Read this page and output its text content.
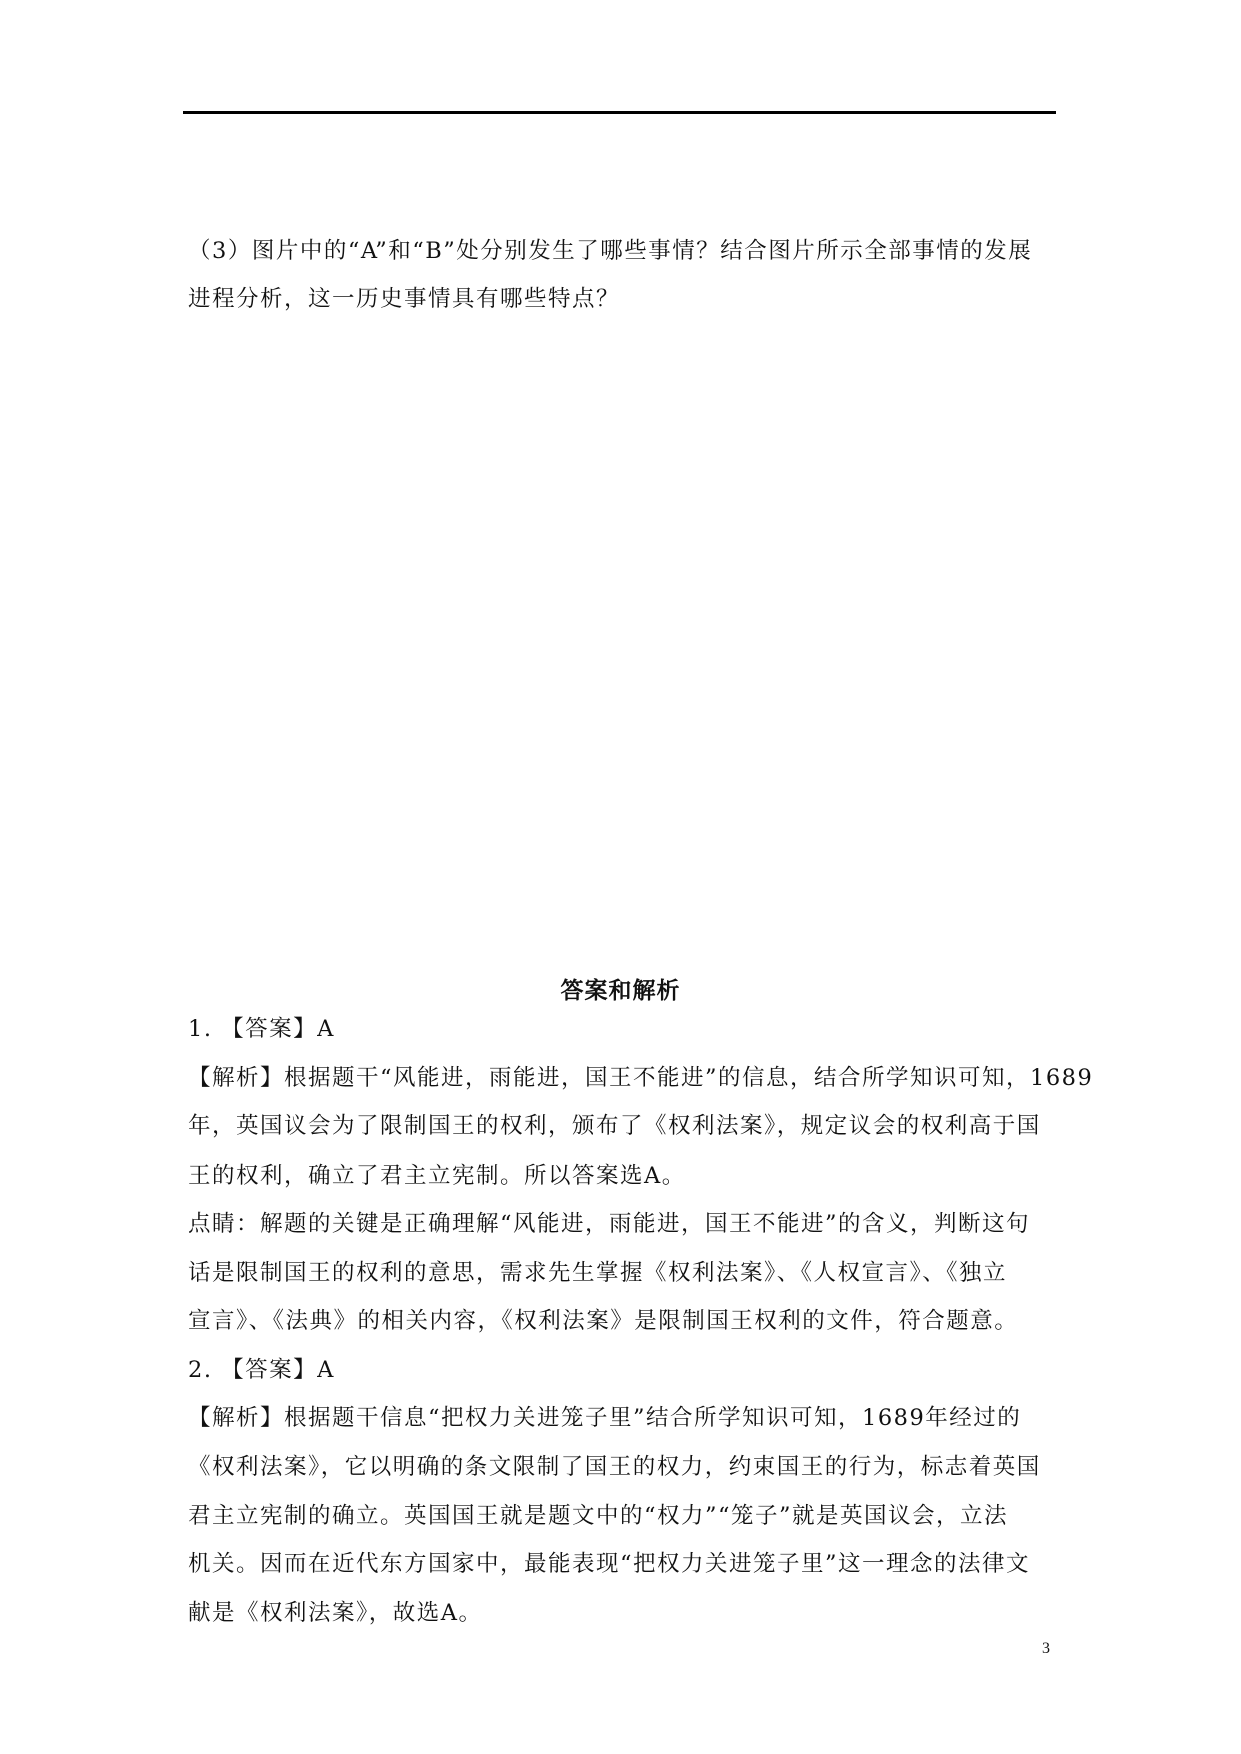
（3）图片中的“A”和“B”处分别发生了哪些事情？结合图片所示全部事情的发展
进程分析，这一历史事情具有哪些特点？
答案和解析
1. 【答案】A
【解析】根据题干“风能进，雨能进，国王不能进”的信息，结合所学知识可知，1689
年，英国议会为了限制国王的权利，颁布了《权利法案》，规定议会的权利高于国
王的权利，确立了君主立宪制。所以答案选A。
点睛：解题的关键是正确理解“风能进，雨能进，国王不能进”的含义，判断这句
话是限制国王的权利的意思，需求先生掌握《权利法案》、《人权宣言》、《独立
宣言》、《法典》的相关内容，《权利法案》是限制国王权利的文件，符合题意。
2. 【答案】A
【解析】根据题干信息“把权力关进笼子里”结合所学知识可知，1689年经过的
《权利法案》，它以明确的条文限制了国王的权力，约束国王的行为，标志着英国
君主立宪制的确立。英国国王就是题文中的“权力”“笼子”就是英国议会，立法
机关。因而在近代东方国家中，最能表现“把权力关进笼子里”这一理念的法律文
献是《权利法案》，故选A。
3
